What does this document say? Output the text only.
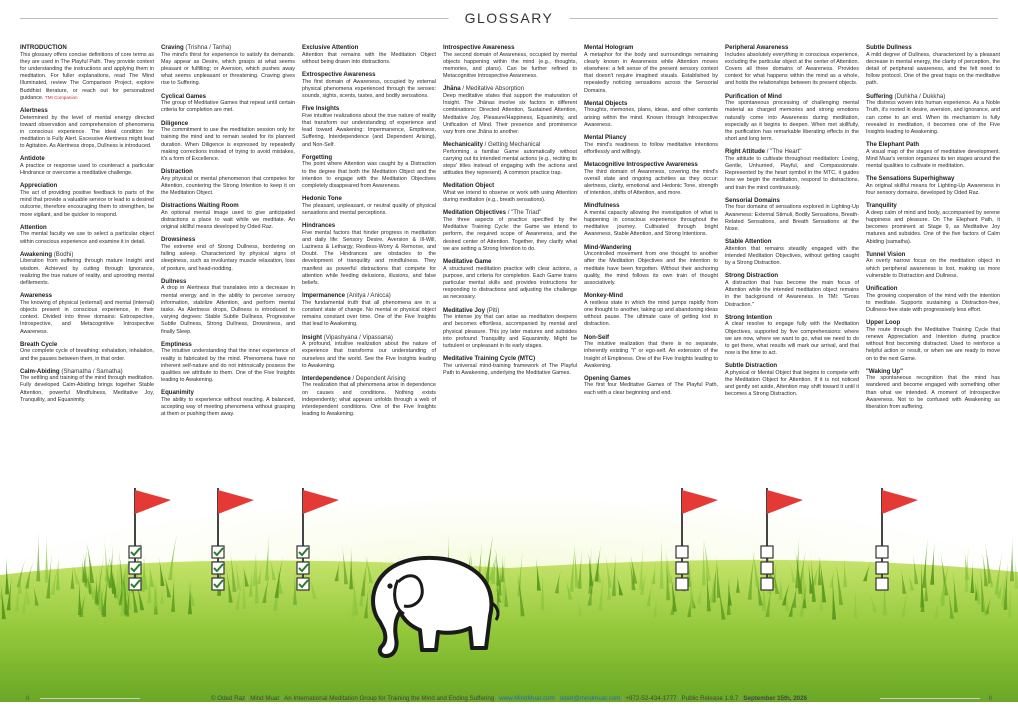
GLOSSARY
INTRODUCTION
This glossary offers concise definitions of core terms as they are used in The Playful Path. They provide context for understanding the instructions and applying them in meditation. For fuller explanations, read The Mind Illuminated, review The Comparison Project, explore Buddhist literature, or reach out for personalized guidance. TMI Companion
Alertness
Determined by the level of mental energy directed toward observation and comprehension of phenomena in conscious experience. The ideal condition for meditation is Fully Alert. Excessive Alertness might lead to Agitation. As Alertness drops, Dullness is introduced.
Antidote
A practice or response used to counteract a particular Hindrance or overcome a meditative challenge.
Appreciation
The act of providing positive feedback to parts of the mind that provide a valuable service or lead to a desired outcome, therefore encouraging them to strengthen, be more vigilant, and be quicker to respond.
Attention
The mental faculty we use to select a particular object within conscious experience and examine it in detail.
Awakening (Bodhi)
Liberation from suffering through mature Insight and wisdom. Achieved by cutting through Ignorance, realizing the true nature of reality, and uprooting mental defilements.
Awareness
The knowing of physical (external) and mental (internal) objects present in conscious experience, in their context. Divided into three domains: Extrospective, Introspective, and Metacognitive Introspective Awareness.
Breath Cycle
One complete cycle of breathing: exhalation, inhalation, and the pauses between them, in that order.
Calm-Abiding (Shamatha / Samatha)
The settling and training of the mind through meditation. Fully developed Calm-Abiding brings together Stable Attention, powerful Mindfulness, Meditative Joy, Tranquility, and Equanimity.
Craving (Trishna / Tanha)
The mind's thirst for experience to satisfy its demands. May appear as Desire, which grasps at what seems pleasant or fulfilling; or Aversion, which pushes away what seems unpleasant or threatening. Craving gives rise to Suffering.
Cyclical Games
The group of Meditative Games that repeat until certain criteria for completion are met.
Diligence
The commitment to use the meditation session only for training the mind and to remain seated for its planned duration. When Diligence is expressed by repeatedly making corrections instead of trying to avoid mistakes, it's a form of Excellence.
Distraction
Any physical or mental phenomenon that competes for Attention, countering the Strong Intention to keep it on the Meditation Object.
Distractions Waiting Room
An optional mental image used to give anticipated distractions a place to wait while we meditate. An original skillful means developed by Oded Raz.
Drowsiness
The extreme end of Strong Dullness, bordering on falling asleep. Characterized by physical signs of sleepiness, such as involuntary muscle relaxation, loss of posture, and head-nodding.
Dullness
A drop in Alertness that translates into a decrease in mental energy and in the ability to perceive sensory information, stabilize Attention, and perform mental tasks. As Alertness drops, Dullness is introduced to varying degrees: Stable Subtle Dullness, Progressive Subtle Dullness, Strong Dullness, Drowsiness, and finally Sleep.
Emptiness
The intuitive understanding that the inner experience of reality is fabricated by the mind. Phenomena have no inherent self-nature and do not intrinsically possess the qualities we attribute to them. One of the Five Insights leading to Awakening.
Equanimity
The ability to experience without reacting. A balanced, accepting way of meeting phenomena without grasping at them or pushing them away.
Exclusive Attention
Attention that remains with the Meditation Object without being drawn into distractions.
Extrospective Awareness
The first domain of Awareness, occupied by external physical phenomena experienced through the senses: sounds, sights, scents, tastes, and bodily sensations.
Five Insights
Five intuitive realizations about the true nature of reality that transform our understanding of experience and lead toward Awakening: Impermanence, Emptiness, Suffering, Interdependence (and Dependent Arising), and Non-Self.
Forgetting
The point where Attention was caught by a Distraction to the degree that both the Meditation Object and the intention to engage with the Meditation Objectives completely disappeared from Awareness.
Hedonic Tone
The pleasant, unpleasant, or neutral quality of physical sensations and mental perceptions.
Hindrances
Five mental factors that hinder progress in meditation and daily life: Sensory Desire, Aversion & Ill-Will, Laziness & Lethargy, Restless-Worry & Remorse, and Doubt. The Hindrances are obstacles to the development of tranquility and mindfulness. They manifest as powerful distractions that compete for attention while feeding delusions, illusions, and false beliefs.
Impermanence (Anitya / Anicca)
The fundamental truth that all phenomena are in a constant state of change. No mental or physical object remains constant over time. One of the Five Insights that lead to Awakening.
Insight (Vipashyana / Vipassana)
A profound, intuitive realization about the nature of experience that transforms our understanding of ourselves and the world. See the Five Insights leading to Awakening.
Interdependence / Dependent Arising
The realization that all phenomena arise in dependence on causes and conditions. Nothing exists independently; what appears unfolds through a web of interdependent conditions. One of the Five Insights leading to Awakening.
Introspective Awareness
The second domain of Awareness, occupied by mental objects happening within the mind (e.g., thoughts, memories, and plans). Can be further refined to Metacognitive Introspective Awareness.
Jhāna / Meditative Absorption
Deep meditative states that support the maturation of Insight. The Jhānas involve six factors in different combinations: Directed Attention, Sustained Attention, Meditative Joy, Pleasure/Happiness, Equanimity, and Unification of Mind. Their presence and prominence vary from one Jhāna to another.
Mechanicality / Getting Mechanical
Performing a familiar Game automatically without carrying out its intended mental actions (e.g., reciting its steps' titles instead of engaging with the actions and attitudes they represent). A common practice trap.
Meditation Object
What we intend to observe or work with using Attention during meditation (e.g., breath sensations).
Meditation Objectives / "The Triad"
The three aspects of practice specified by the Meditative Training Cycle: the Game we intend to perform, the required scope of Awareness, and the desired center of Attention. Together, they clarify what we are setting a Strong Intention to do.
Meditative Game
A structured meditation practice with clear actions, a purpose, and criteria for completion. Each Game trains particular mental skills and provides instructions for responding to distractions and adjusting the challenge as necessary.
Meditative Joy (Piti)
The intense joy that can arise as meditation deepens and becomes effortless, accompanied by mental and physical pleasure. This joy later matures and subsides into profound Tranquility and Equanimity. Might be turbulent or unpleasant in its early stages.
Meditative Training Cycle (MTC)
The universal mind-training framework of The Playful Path to Awakening, underlying the Meditative Games.
Mental Hologram
A metaphor for the body and surroundings remaining clearly known in Awareness while Attention moves elsewhere: a felt sense of the present sensory context that doesn't require imagined visuals. Established by repeatedly noticing sensations across the Sensorial Domains.
Mental Objects
Thoughts, memories, plans, ideas, and other contents arising within the mind. Known through Introspective Awareness.
Mental Pliancy
The mind's readiness to follow meditative intentions effortlessly and willingly.
Metacognitive Introspective Awareness
The third domain of Awareness, covering the mind's overall state and ongoing activities as they occur: alertness, clarity, emotional and Hedonic Tone, strength of intention, shifts of Attention, and more.
Mindfulness
A mental capacity allowing the investigation of what is happening in conscious experience throughout the meditative journey. Cultivated through bright Awareness, Stable Attention, and Strong Intentions.
Mind-Wandering
Uncontrolled movement from one thought to another after the Meditation Objectives and the intention to meditate have been forgotten. Without their anchoring quality, the mind follows its own train of thought associatively.
Monkey-Mind
A restless state in which the mind jumps rapidly from one thought to another, taking up and abandoning ideas without pause. The ultimate case of getting lost in distraction.
Non-Self
The intuitive realization that there is no separate, inherently existing "I" or ego-self. An extension of the Insight of Emptiness. One of the Five Insights leading to Awakening.
Opening Games
The first four Meditative Games of The Playful Path, each with a clear beginning and end.
Peripheral Awareness
Includes absolutely everything in conscious experience, excluding the particular object at the center of Attention. Covers all three domains of Awareness. Provides context for what happens within the mind as a whole, and holds the relationships between its present objects.
Purification of Mind
The spontaneous processing of challenging mental material as charged memories and strong emotions naturally come into Awareness during meditation, especially as it begins to deepen. When met skillfully, the purification has remarkable liberating effects in the short and long term.
Right Attitude / "The Heart"
The attitude to cultivate throughout meditation: Loving, Gentle, Unhurried, Playful, and Compassionate. Represented by the heart symbol in the MTC, it guides how we begin the meditation, respond to distractions, and train the mind continuously.
Sensorial Domains
The four domains of sensations explored in Lighting-Up Awareness: External Stimuli, Bodily Sensations, Breath-Related Sensations, and Breath Sensations at the Nose.
Stable Attention
Attention that remains steadily engaged with the intended Meditation Objectives, without getting caught by a Strong Distraction.
Strong Distraction
A distraction that has become the main focus of Attention while the intended meditation object remains in the background of Awareness. In TMI: "Gross Distraction."
Strong Intention
A clear resolve to engage fully with the Meditation Objectives, supported by five comprehensions: where we are now, where we want to go, what we need to do to get there, what results will mark our arrival, and that now is the time to act.
Subtle Distraction
A physical or Mental Object that begins to compete with the Meditation Object for Attention. If it is not noticed and gently set aside, Attention may shift toward it until it becomes a Strong Distraction.
Subtle Dullness
A mild degree of Dullness, characterized by a pleasant decrease in mental energy, the clarity of perception, the detail of peripheral awareness, and the felt need to follow protocol. One of the great traps on the meditative path.
Suffering (Duhkha / Dukkha)
The distress woven into human experience. As a Noble Truth, it's rooted in desire, aversion, and ignorance, and can come to an end. When its mechanism is fully revealed in meditation, it becomes one of the Five Insights leading to Awakening.
The Elephant Path
A visual map of the stages of meditative development. Mind Muar's version organizes its ten stages around the mental qualities to cultivate in meditation.
The Sensations Superhighway
An original skillful means for Lighting-Up Awareness in four sensory domains, developed by Oded Raz.
Tranquility
A deep calm of mind and body, accompanied by serene happiness and pleasure. On The Elephant Path, it becomes prominent at Stage 9, as Meditative Joy matures and subsides. One of the five factors of Calm Abiding (samatha).
Tunnel Vision
An overly narrow focus on the meditation object in which peripheral awareness is lost, making us more vulnerable to Distraction and Dullness.
Unification
The growing cooperation of the mind with the intention to meditate. Supports sustaining a Distraction-free, Dullness-free state with progressively less effort.
Upper Loop
The route through the Meditative Training Cycle that renews Appreciation and Intention during practice without first becoming distracted. Used to reinforce a helpful action or result, or when we are ready to move on to the next Game.
"Waking Up"
The spontaneous recognition that the mind has wandered and become engaged with something other than what we intended. A moment of Introspective Awareness. Not to be confused with Awakening as liberation from suffering.
ii	ii
© Oded Raz | Mind Muar | An International Meditation Group for Training the Mind and Ending Suffering | www.MindMuar.com | oded@mindmuar.com | +972-52-434-1777 | Public Release 1.9.7 | September 15th, 2026
